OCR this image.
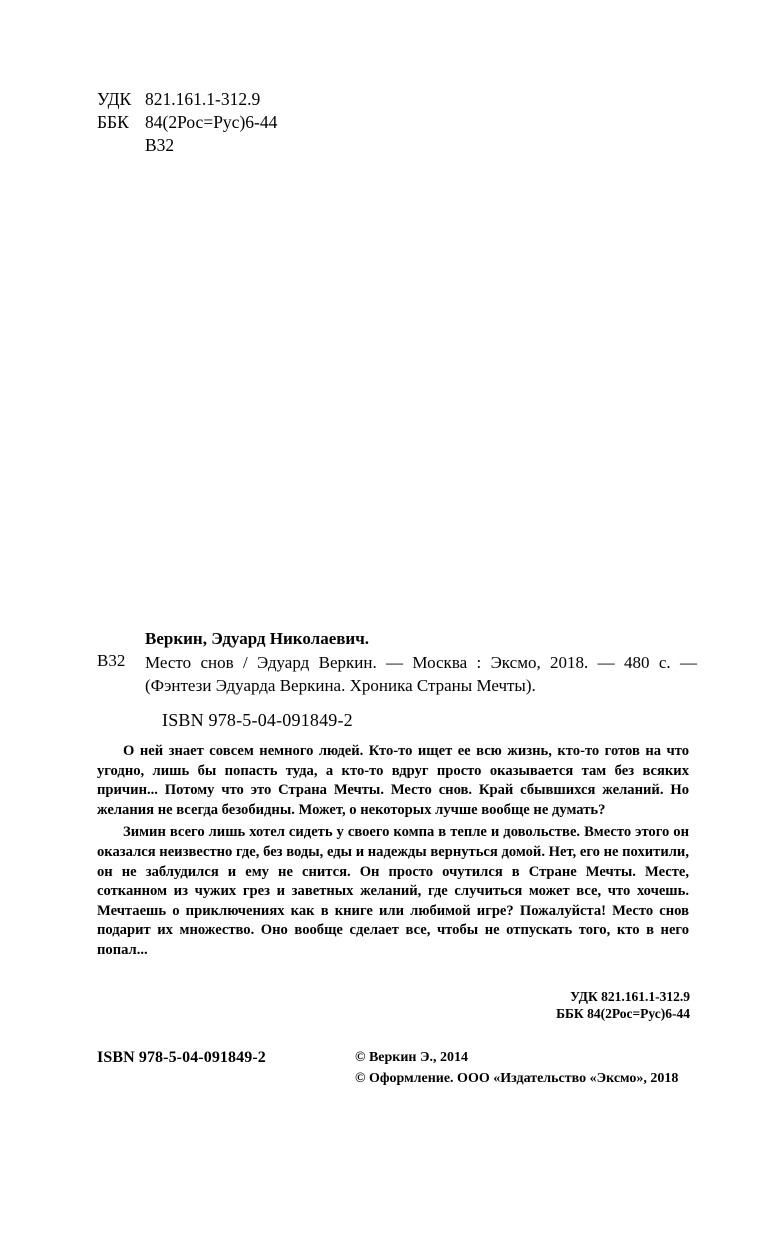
УДК 821.161.1-312.9
ББК 84(2Рос=Рус)6-44
В32
Веркин, Эдуард Николаевич.
В32 Место снов / Эдуард Веркин. — Москва : Эксмо, 2018. — 480 с. — (Фэнтези Эдуарда Веркина. Хроника Страны Мечты).
ISBN 978-5-04-091849-2

О ней знает совсем немного людей. Кто-то ищет ее всю жизнь, кто-то готов на что угодно, лишь бы попасть туда, а кто-то вдруг просто оказывается там без всяких причин... Потому что это Страна Мечты. Место снов. Край сбывшихся желаний. Но желания не всегда безобидны. Может, о некоторых лучше вообще не думать?

Зимин всего лишь хотел сидеть у своего компа в тепле и довольстве. Вместо этого он оказался неизвестно где, без воды, еды и надежды вернуться домой. Нет, его не похитили, он не заблудился и ему не снится. Он просто очутился в Стране Мечты. Месте, сотканном из чужих грез и заветных желаний, где случиться может все, что хочешь. Мечтаешь о приключениях как в книге или любимой игре? Пожалуйста! Место снов подарит их множество. Оно вообще сделает все, чтобы не отпускать того, кто в него попал...

УДК 821.161.1-312.9
ББК 84(2Рос=Рус)6-44
ISBN 978-5-04-091849-2	© Веркин Э., 2014
© Оформление. ООО «Издательство «Эксмо», 2018
